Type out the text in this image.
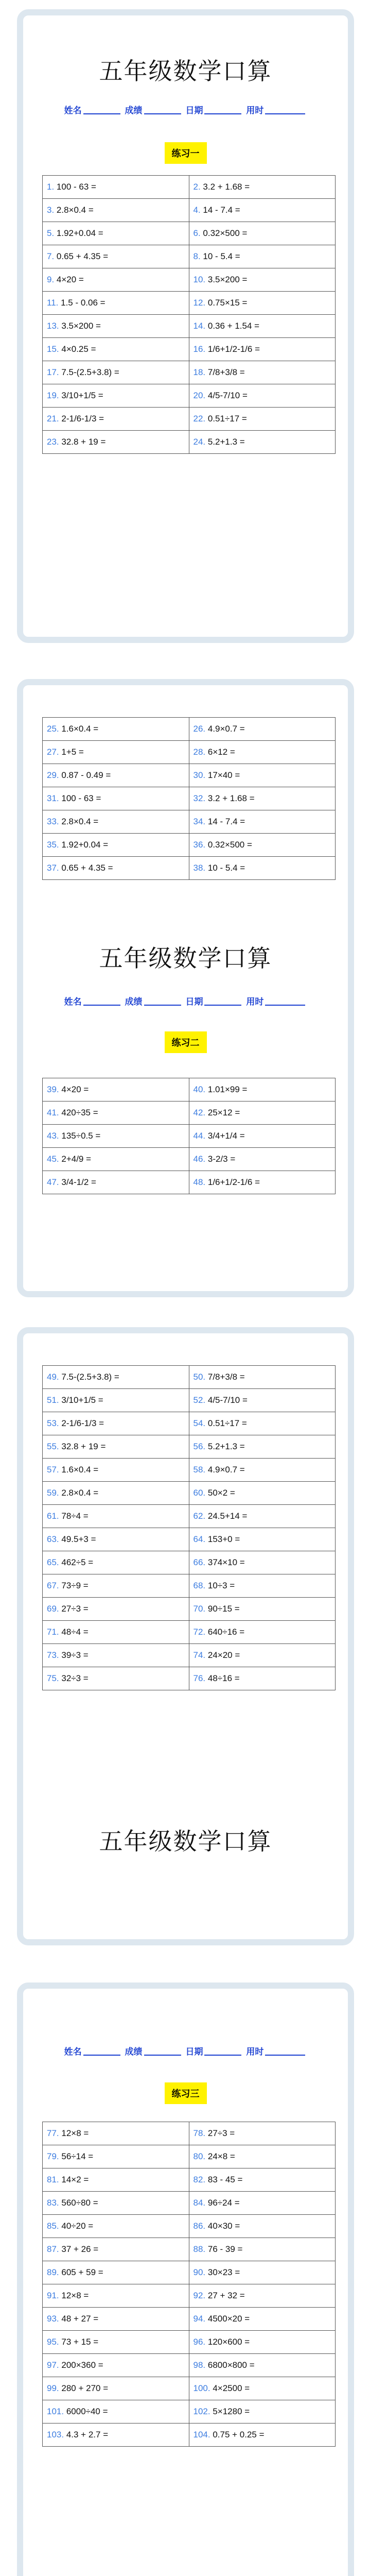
五年级数学口算
姓名	成绩	日期	用时
练习一
1. 100 - 63 =	2. 3.2 + 1.68 =
3. 2.8×0.4 =	4. 14 - 7.4 =
5. 1.92+0.04 =	6. 0.32×500 =
7. 0.65 + 4.35 =	8. 10 - 5.4 =
9. 4×20 =	10. 3.5×200 =
11. 1.5 - 0.06 =	12. 0.75×15 =
13. 3.5×200 =	14. 0.36 + 1.54 =
15. 4×0.25 =	16. 1/6+1/2-1/6 =
17. 7.5-(2.5+3.8) =	18. 7/8+3/8 =
19. 3/10+1/5 =	20. 4/5-7/10 =
21. 2-1/6-1/3 =	22. 0.51÷17 =
23. 32.8 + 19 =	24. 5.2+1.3 =
25. 1.6×0.4 =	26. 4.9×0.7 =
27. 1+5 =	28. 6×12 =
29. 0.87 - 0.49 =	30. 17×40 =
31. 100 - 63 =	32. 3.2 + 1.68 =
33. 2.8×0.4 =	34. 14 - 7.4 =
35. 1.92+0.04 =	36. 0.32×500 =
37. 0.65 + 4.35 =	38. 10 - 5.4 =
五年级数学口算
姓名	成绩	日期	用时
练习二
39. 4×20 =	40. 1.01×99 =
41. 420÷35 =	42. 25×12 =
43. 135÷0.5 =	44. 3/4+1/4 =
45. 2+4/9 =	46. 3-2/3 =
47. 3/4-1/2 =	48. 1/6+1/2-1/6 =
49. 7.5-(2.5+3.8) =	50. 7/8+3/8 =
51. 3/10+1/5 =	52. 4/5-7/10 =
53. 2-1/6-1/3 =	54. 0.51÷17 =
55. 32.8 + 19 =	56. 5.2+1.3 =
57. 1.6×0.4 =	58. 4.9×0.7 =
59. 2.8×0.4 =	60. 50×2 =
61. 78÷4 =	62. 24.5+14 =
63. 49.5+3 =	64. 153+0 =
65. 462÷5 =	66. 374×10 =
67. 73÷9 =	68. 10÷3 =
69. 27÷3 =	70. 90÷15 =
71. 48÷4 =	72. 640÷16 =
73. 39÷3 =	74. 24×20 =
75. 32÷3 =	76. 48÷16 =
五年级数学口算
姓名	成绩	日期	用时
练习三
77. 12×8 =	78. 27÷3 =
79. 56÷14 =	80. 24×8 =
81. 14×2 =	82. 83 - 45 =
83. 560÷80 =	84. 96÷24 =
85. 40÷20 =	86. 40×30 =
87. 37 + 26 =	88. 76 - 39 =
89. 605 + 59 =	90. 30×23 =
91. 12×8 =	92. 27 + 32 =
93. 48 + 27 =	94. 4500×20 =
95. 73 + 15 =	96. 120×600 =
97. 200×360 =	98. 6800×800 =
99. 280 + 270 =	100. 4×2500 =
101. 6000÷40 =	102. 5×1280 =
103. 4.3 + 2.7 =	104. 0.75 + 0.25 =
